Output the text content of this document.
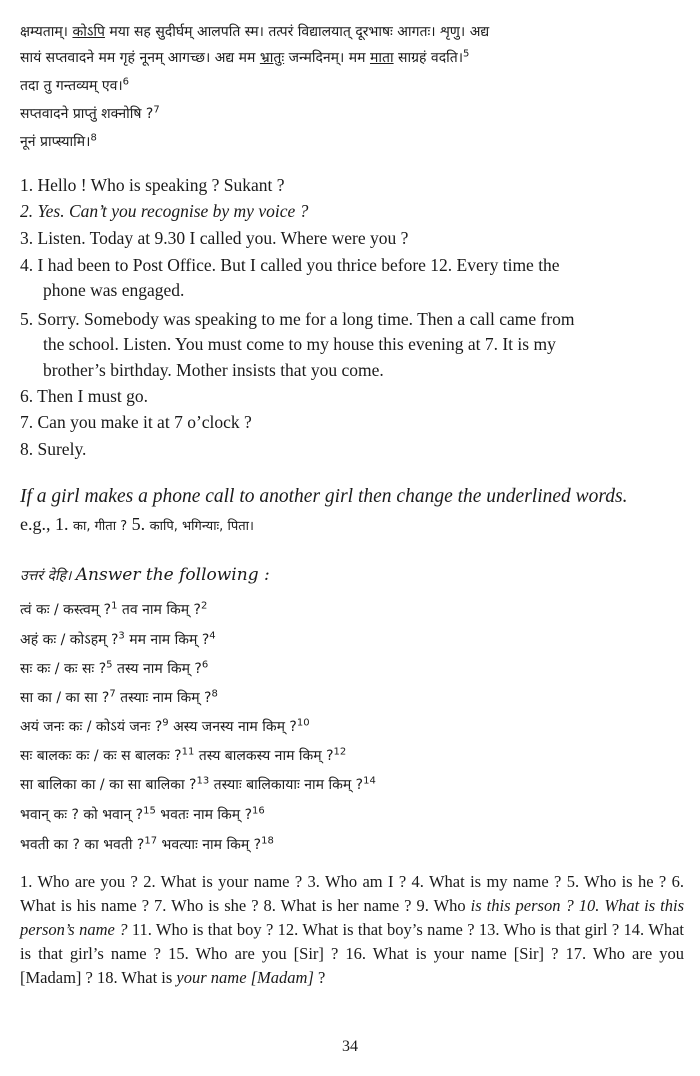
क्षम्यताम्। कोऽपि मया सह सुदीर्घम् आलपति स्म। तत्परं विद्यालयात् दूरभाषः आगतः। शृणु। अद्य
सायं सप्तवादने मम गृहं नूनम् आगच्छ। अद्य मम भ्रातुः जन्मदिनम्। मम माता साग्रहं वदति।$^5$
तदा तु गन्तव्यम् एव।$^6$
सप्तवादने प्राप्तुं शक्नोषि ?$^7$
नूनं प्राप्स्यामि।$^8$
1. Hello ! Who is speaking ? Sukant ?
2. Yes. Can’t you recognise by my voice ?
3. Listen. Today at 9.30 I called you. Where were you ?
4. I had been to Post Office. But I called you thrice before 12. Every time the
phone was engaged.
5. Sorry. Somebody was speaking to me for a long time. Then a call came from
the school. Listen. You must come to my house this evening at 7. It is my
brother’s birthday. Mother insists that you come.
6. Then I must go.
7. Can you make it at 7 o’clock ?
8. Surely.
If a girl makes a phone call to another girl then change the underlined words.
e.g., 1. का, गीता ? 5. कापि, भगिन्याः, पिता।
उत्तरं देहि। Answer the following :
त्वं कः / कस्त्वम् ?$^1$ तव नाम किम् ?$^2$
अहं कः / कोऽहम् ?$^3$ मम नाम किम् ?$^4$
सः कः / कः सः ?$^5$ तस्य नाम किम् ?$^6$
सा का / का सा ?$^7$ तस्याः नाम किम् ?$^8$
अयं जनः कः / कोऽयं जनः ?$^9$ अस्य जनस्य नाम किम् ?$^{10}$
सः बालकः कः / कः स बालकः ?$^{11}$ तस्य बालकस्य नाम किम् ?$^{12}$
सा बालिका का / का सा बालिका ?$^{13}$ तस्याः बालिकायाः नाम किम् ?$^{14}$
भवान् कः ? को भवान् ?$^{15}$ भवतः नाम किम् ?$^{16}$
भवती का ? का भवती ?$^{17}$ भवत्याः नाम किम् ?$^{18}$
1. Who are you ? 2. What is your name ? 3. Who am I ? 4. What is my name ? 5. Who is he ? 6. What is his name ? 7. Who is she ? 8. What is her name ? 9. Who is this person ? 10. What is this person’s name ? 11. Who is that boy ? 12. What is that boy’s name ? 13. Who is that girl ? 14. What is that girl’s name ? 15. Who are you [Sir] ? 16. What is your name [Sir] ? 17. Who are you [Madam] ? 18. What is your name [Madam] ?
34
